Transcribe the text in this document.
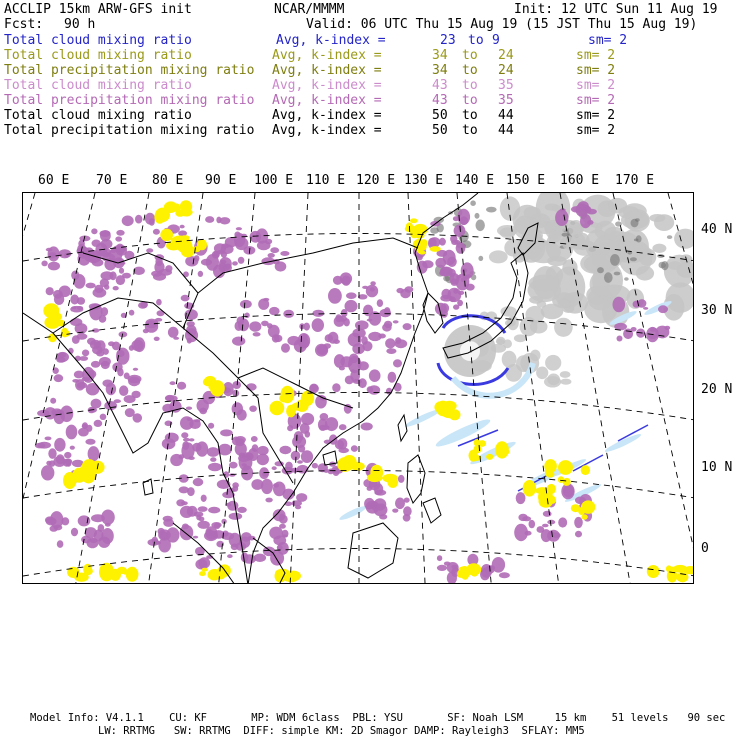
ACCLIP 15km ARW-GFS init	NCAR/MMMM	Init: 12 UTC Sun 11 Aug 19
Fcst: 90 h	Valid: 06 UTC Thu 15 Aug 19 (15 JST Thu 15 Aug 19)
Total cloud mixing ratio	Avg, k-index =	23 to 9	sm= 2
Total cloud mixing ratio	Avg, k-index =	34 to 24	sm= 2
Total precipitation mixing ratio Avg, k-index =	34 to 24	sm= 2
Total cloud mixing ratio	Avg, k-index =	43 to 35	sm= 2
Total precipitation mixing ratio Avg, k-index =	43 to 35	sm= 2
Total cloud mixing ratio	Avg, k-index =	50 to 44	sm= 2
Total precipitation mixing ratio Avg, k-index =	50 to 44	sm= 2
60 E 70 E 80 E 90 E 100 E 110 E 120 E 130 E 140 E 150 E 160 E 170 E
40 N
30 N
20 N
10 N
0
Model Info: V4.1.1    CU: KF       MP: WDM 6class  PBL: YSU       SF: Noah LSM     15 km    51 levels   90 sec
LW: RRTMG   SW: RRTMG  DIFF: simple KM: 2D Smagor DAMP: Rayleigh3  SFLAY: MM5
